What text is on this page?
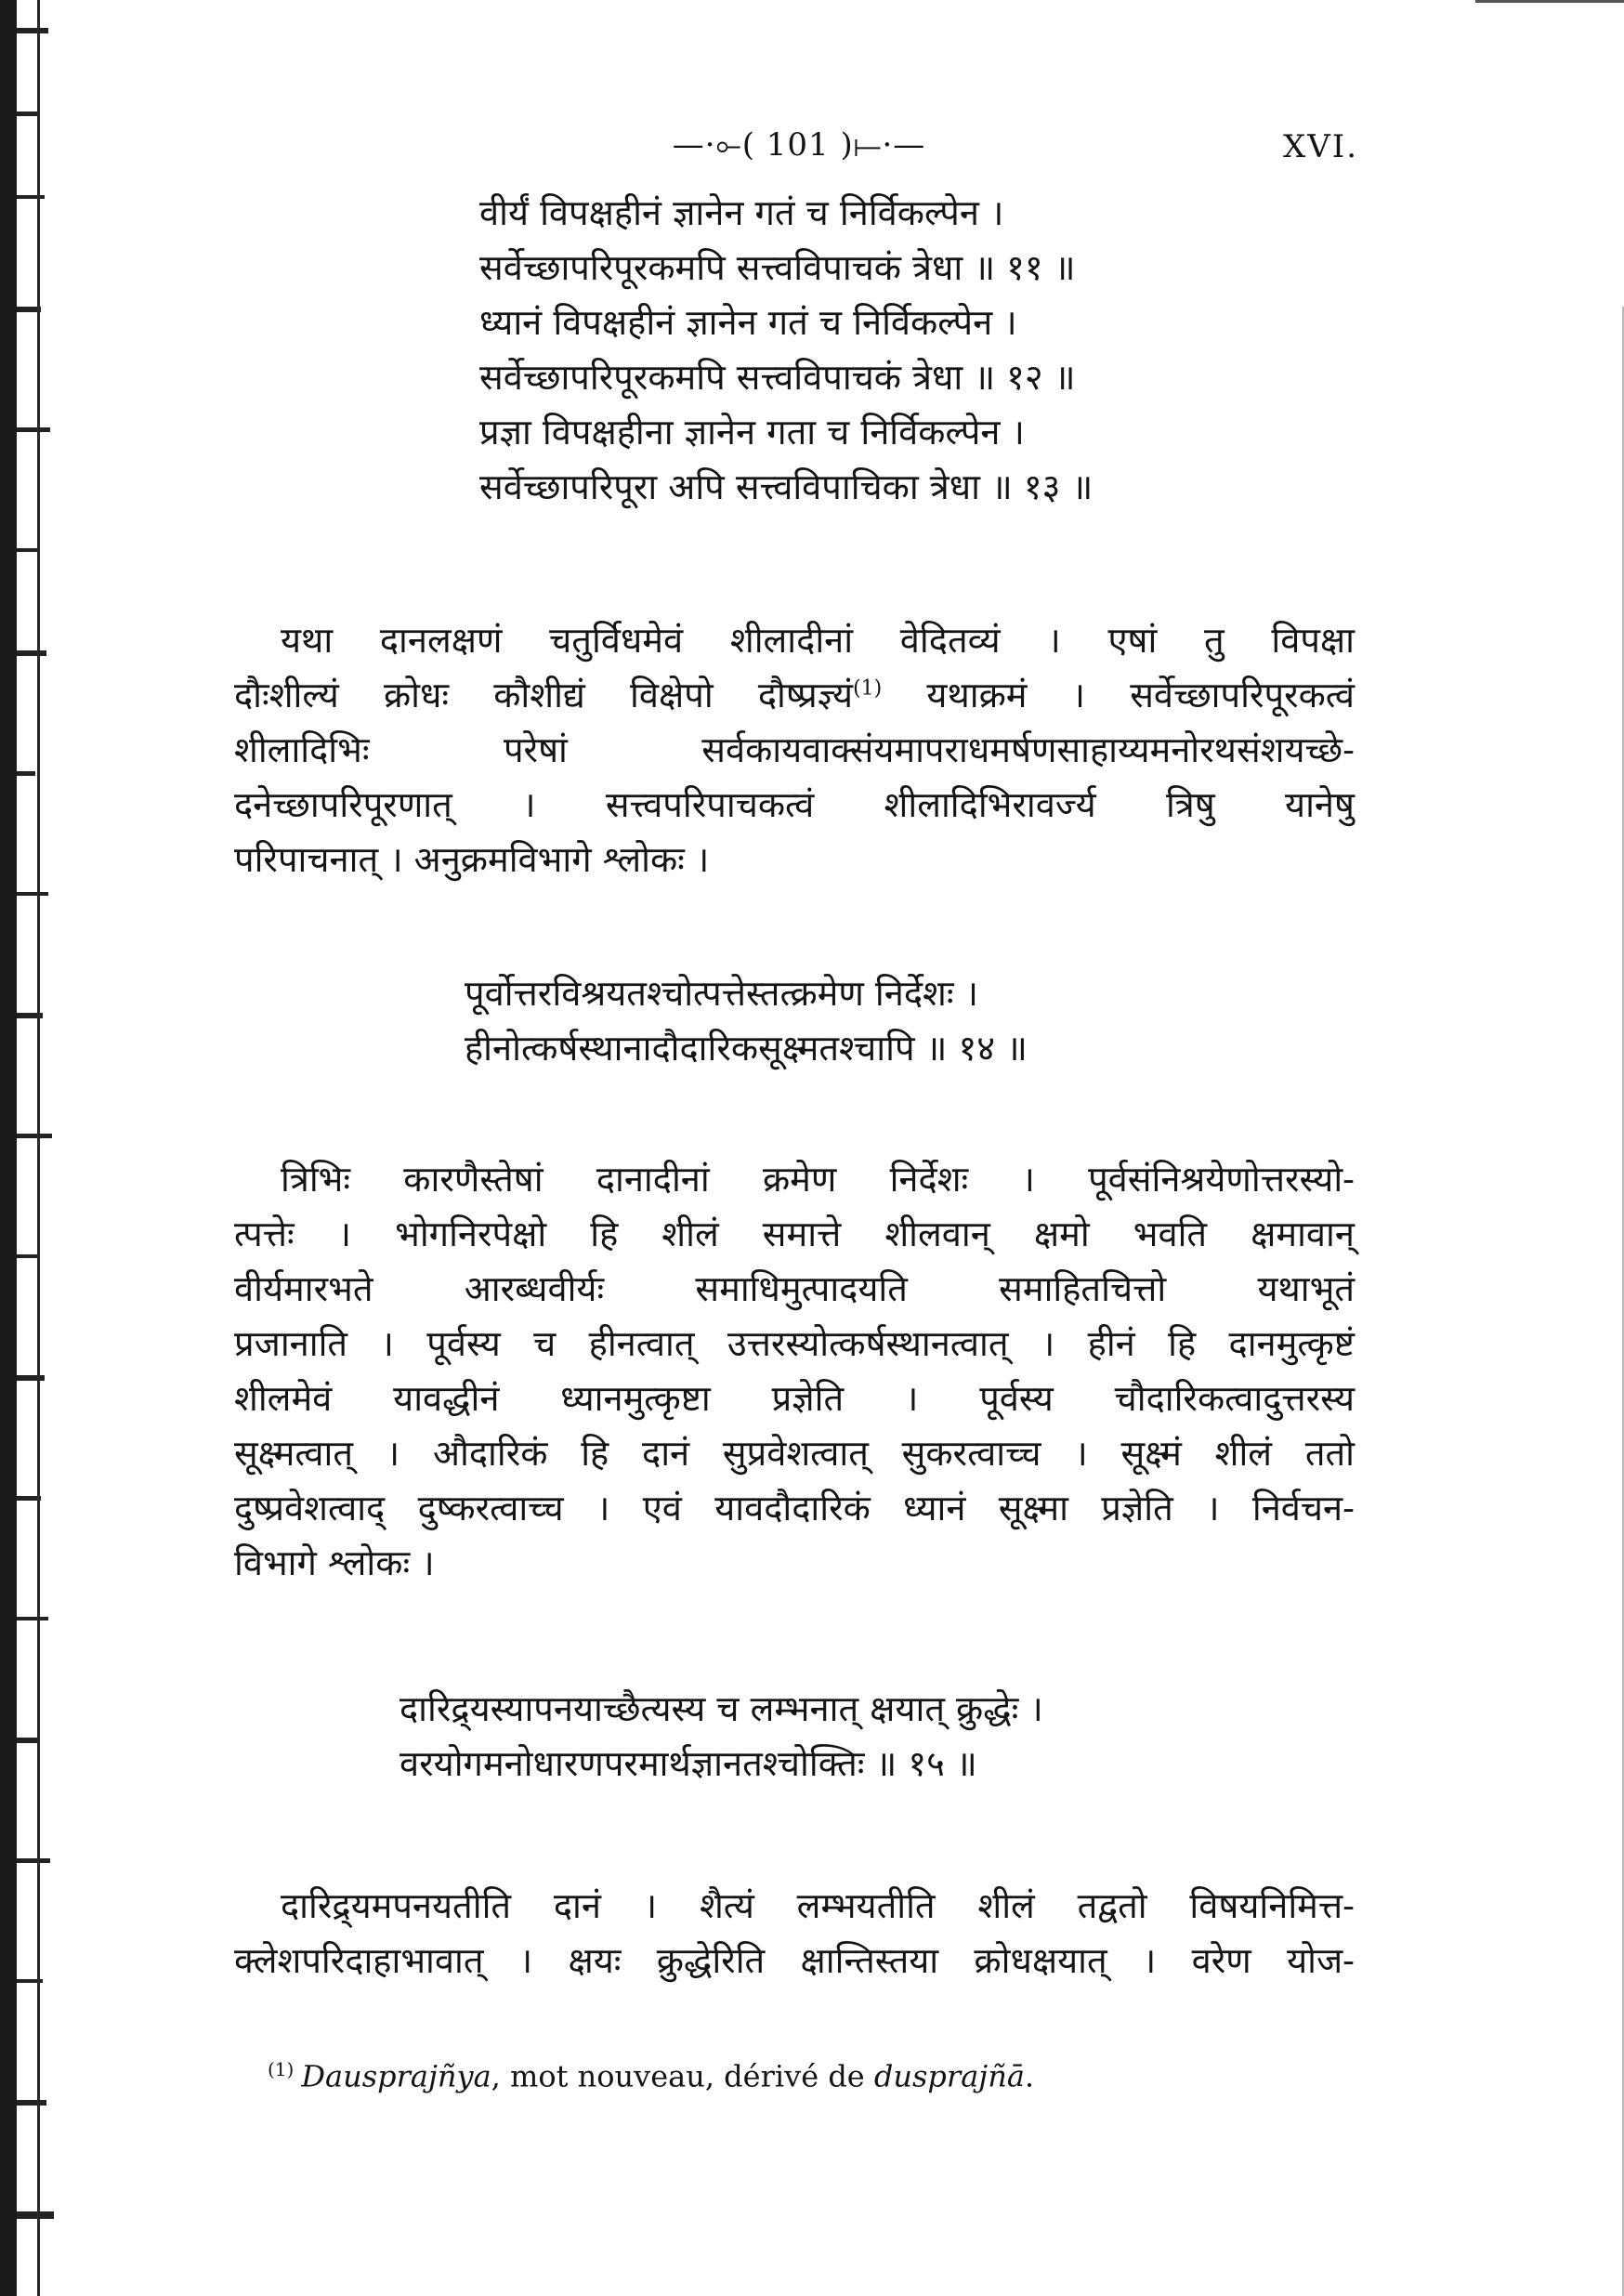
—·⟜( 101 )⟝·—	XVI.
वीर्यं विपक्षहीनं ज्ञानेन गतं च निर्विकल्पेन ।
सर्वेच्छापरिपूरकमपि सत्त्वविपाचकं त्रेधा ॥ ११ ॥
ध्यानं विपक्षहीनं ज्ञानेन गतं च निर्विकल्पेन ।
सर्वेच्छापरिपूरकमपि सत्त्वविपाचकं त्रेधा ॥ १२ ॥
प्रज्ञा विपक्षहीना ज्ञानेन गता च निर्विकल्पेन ।
सर्वेच्छापरिपूरा अपि सत्त्वविपाचिका त्रेधा ॥ १३ ॥
यथा दानलक्षणं चतुर्विधमेवं शीलादीनां वेदितव्यं । एषां तु विपक्षा
दौःशील्यं क्रोधः कौशीद्यं विक्षेपो दौष्प्रज्ञ्यं$^{(1)}$ यथाक्रमं । सर्वेच्छापरिपूरकत्वं
शीलादिभिः परेषां सर्वकायवाक्संयमापराधमर्षणसाहाय्यमनोरथसंशयच्छे-
दनेच्छापरिपूरणात् । सत्त्वपरिपाचकत्वं शीलादिभिरावर्ज्य त्रिषु यानेषु
परिपाचनात् । अनुक्रमविभागे श्लोकः ।
पूर्वोत्तरविश्रयतश्चोत्पत्तेस्तत्क्रमेण निर्देशः ।
हीनोत्कर्षस्थानादौदारिकसूक्ष्मतश्चापि ॥ १४ ॥
त्रिभिः कारणैस्तेषां दानादीनां क्रमेण निर्देशः । पूर्वसंनिश्रयेणोत्तरस्यो-
त्पत्तेः । भोगनिरपेक्षो हि शीलं समात्ते शीलवान् क्षमो भवति क्षमावान्
वीर्यमारभते आरब्धवीर्यः समाधिमुत्पादयति समाहितचित्तो यथाभूतं
प्रजानाति । पूर्वस्य च हीनत्वात् उत्तरस्योत्कर्षस्थानत्वात् । हीनं हि दानमुत्कृष्टं
शीलमेवं यावद्धीनं ध्यानमुत्कृष्टा प्रज्ञेति । पूर्वस्य चौदारिकत्वादुत्तरस्य
सूक्ष्मत्वात् । औदारिकं हि दानं सुप्रवेशत्वात् सुकरत्वाच्च । सूक्ष्मं शीलं ततो
दुष्प्रवेशत्वाद् दुष्करत्वाच्च । एवं यावदौदारिकं ध्यानं सूक्ष्मा प्रज्ञेति । निर्वचन-
विभागे श्लोकः ।
दारिद्र्यस्यापनयाच्छैत्यस्य च लम्भनात् क्षयात् क्रुद्धेः ।
वरयोगमनोधारणपरमार्थज्ञानतश्चोक्तिः ॥ १५ ॥
दारिद्र्यमपनयतीति दानं । शैत्यं लम्भयतीति शीलं तद्वतो विषयनिमित्त-
क्लेशपरिदाहाभावात् । क्षयः क्रुद्धेरिति क्षान्तिस्तया क्रोधक्षयात् । वरेण योज-
$^{(1)}$ Dausprajñya, mot nouveau, dérivé de dusprajñā.
